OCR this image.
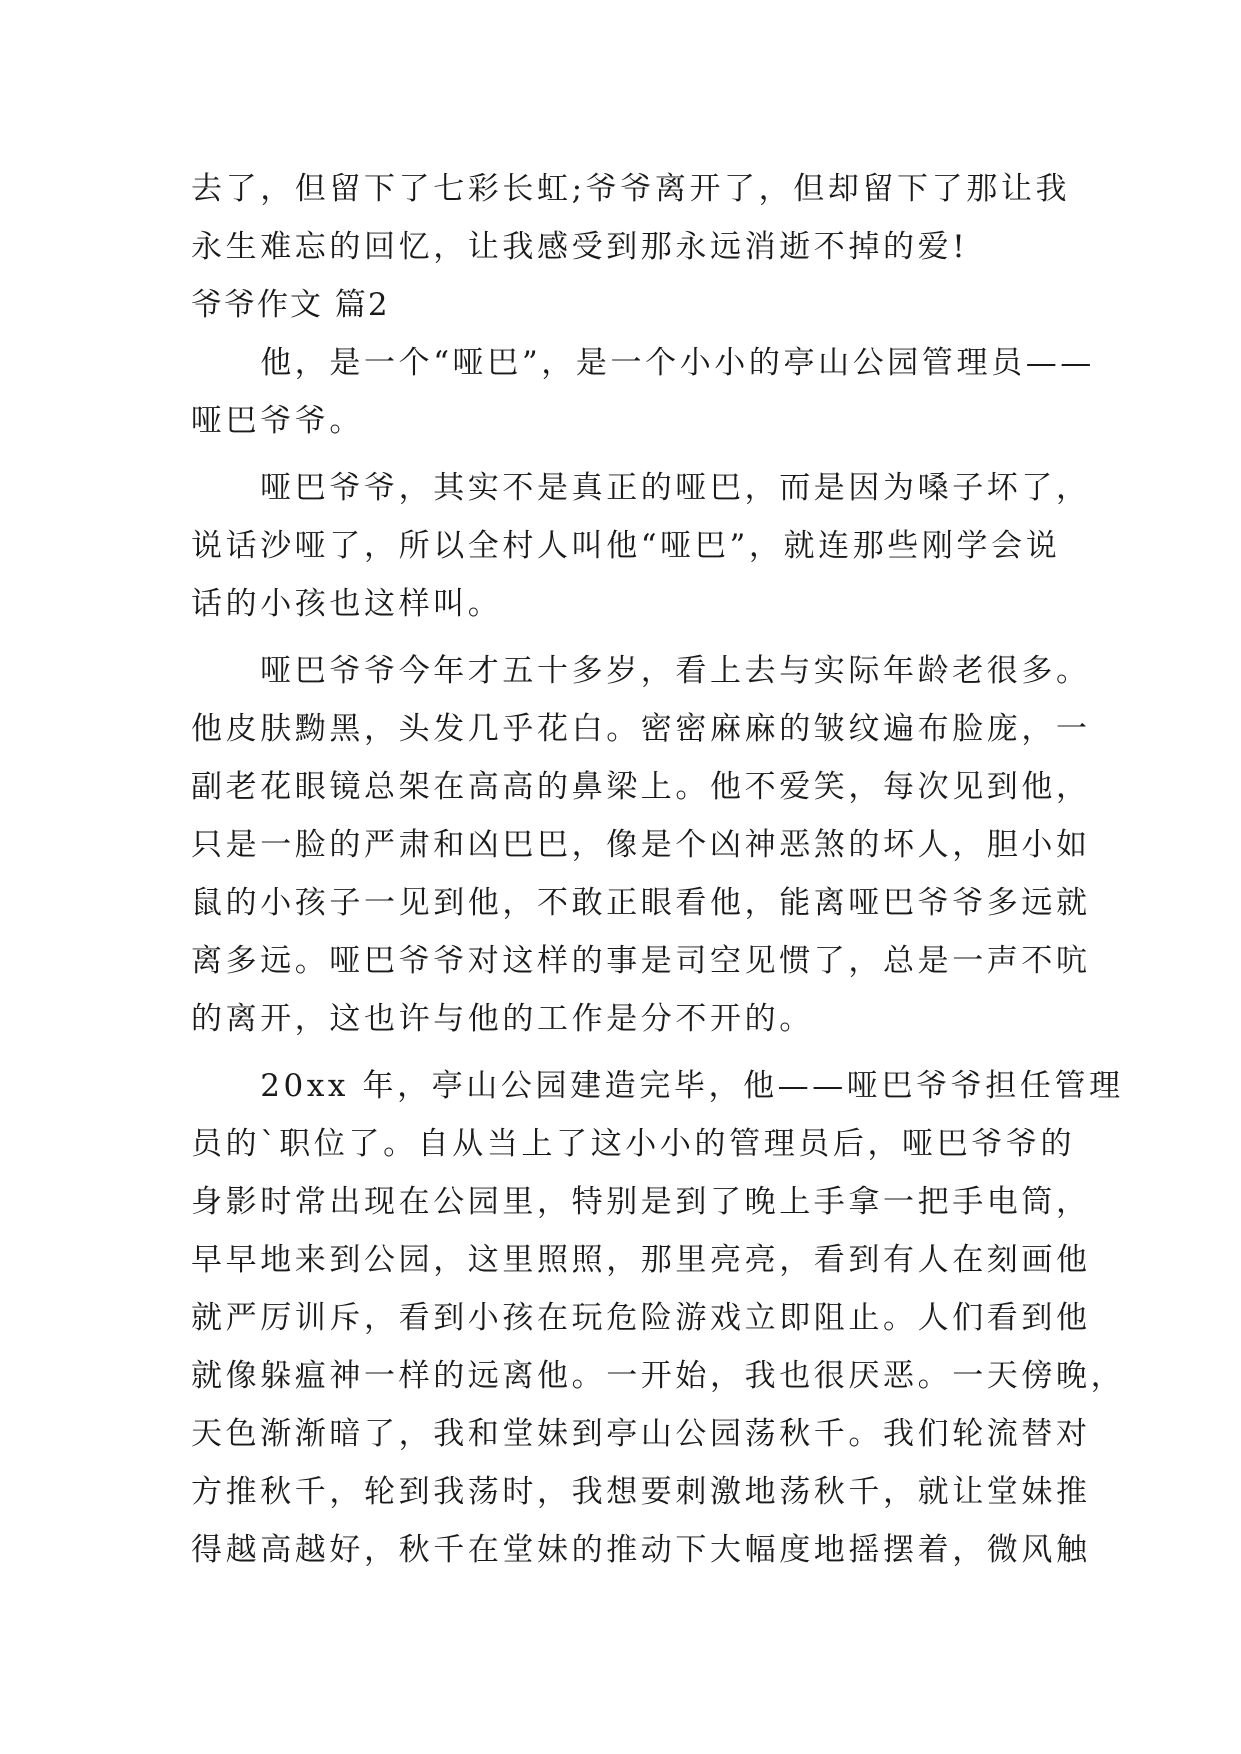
去了，但留下了七彩长虹;爷爷离开了，但却留下了那让我
永生难忘的回忆，让我感受到那永远消逝不掉的爱!
爷爷作文 篇2
　　他，是一个“哑巴”，是一个小小的亭山公园管理员——
哑巴爷爷。
　　哑巴爷爷，其实不是真正的哑巴，而是因为嗓子坏了，
说话沙哑了，所以全村人叫他“哑巴”，就连那些刚学会说
话的小孩也这样叫。
　　哑巴爷爷今年才五十多岁，看上去与实际年龄老很多。
他皮肤黝黑，头发几乎花白。密密麻麻的皱纹遍布脸庞，一
副老花眼镜总架在高高的鼻梁上。他不爱笑，每次见到他，
只是一脸的严肃和凶巴巴，像是个凶神恶煞的坏人，胆小如
鼠的小孩子一见到他，不敢正眼看他，能离哑巴爷爷多远就
离多远。哑巴爷爷对这样的事是司空见惯了，总是一声不吭
的离开，这也许与他的工作是分不开的。
　　20xx 年，亭山公园建造完毕，他——哑巴爷爷担任管理
员的`职位了。自从当上了这小小的管理员后，哑巴爷爷的
身影时常出现在公园里，特别是到了晚上手拿一把手电筒，
早早地来到公园，这里照照，那里亮亮，看到有人在刻画他
就严厉训斥，看到小孩在玩危险游戏立即阻止。人们看到他
就像躲瘟神一样的远离他。一开始，我也很厌恶。一天傍晚，
天色渐渐暗了，我和堂妹到亭山公园荡秋千。我们轮流替对
方推秋千，轮到我荡时，我想要刺激地荡秋千，就让堂妹推
得越高越好，秋千在堂妹的推动下大幅度地摇摆着，微风触
